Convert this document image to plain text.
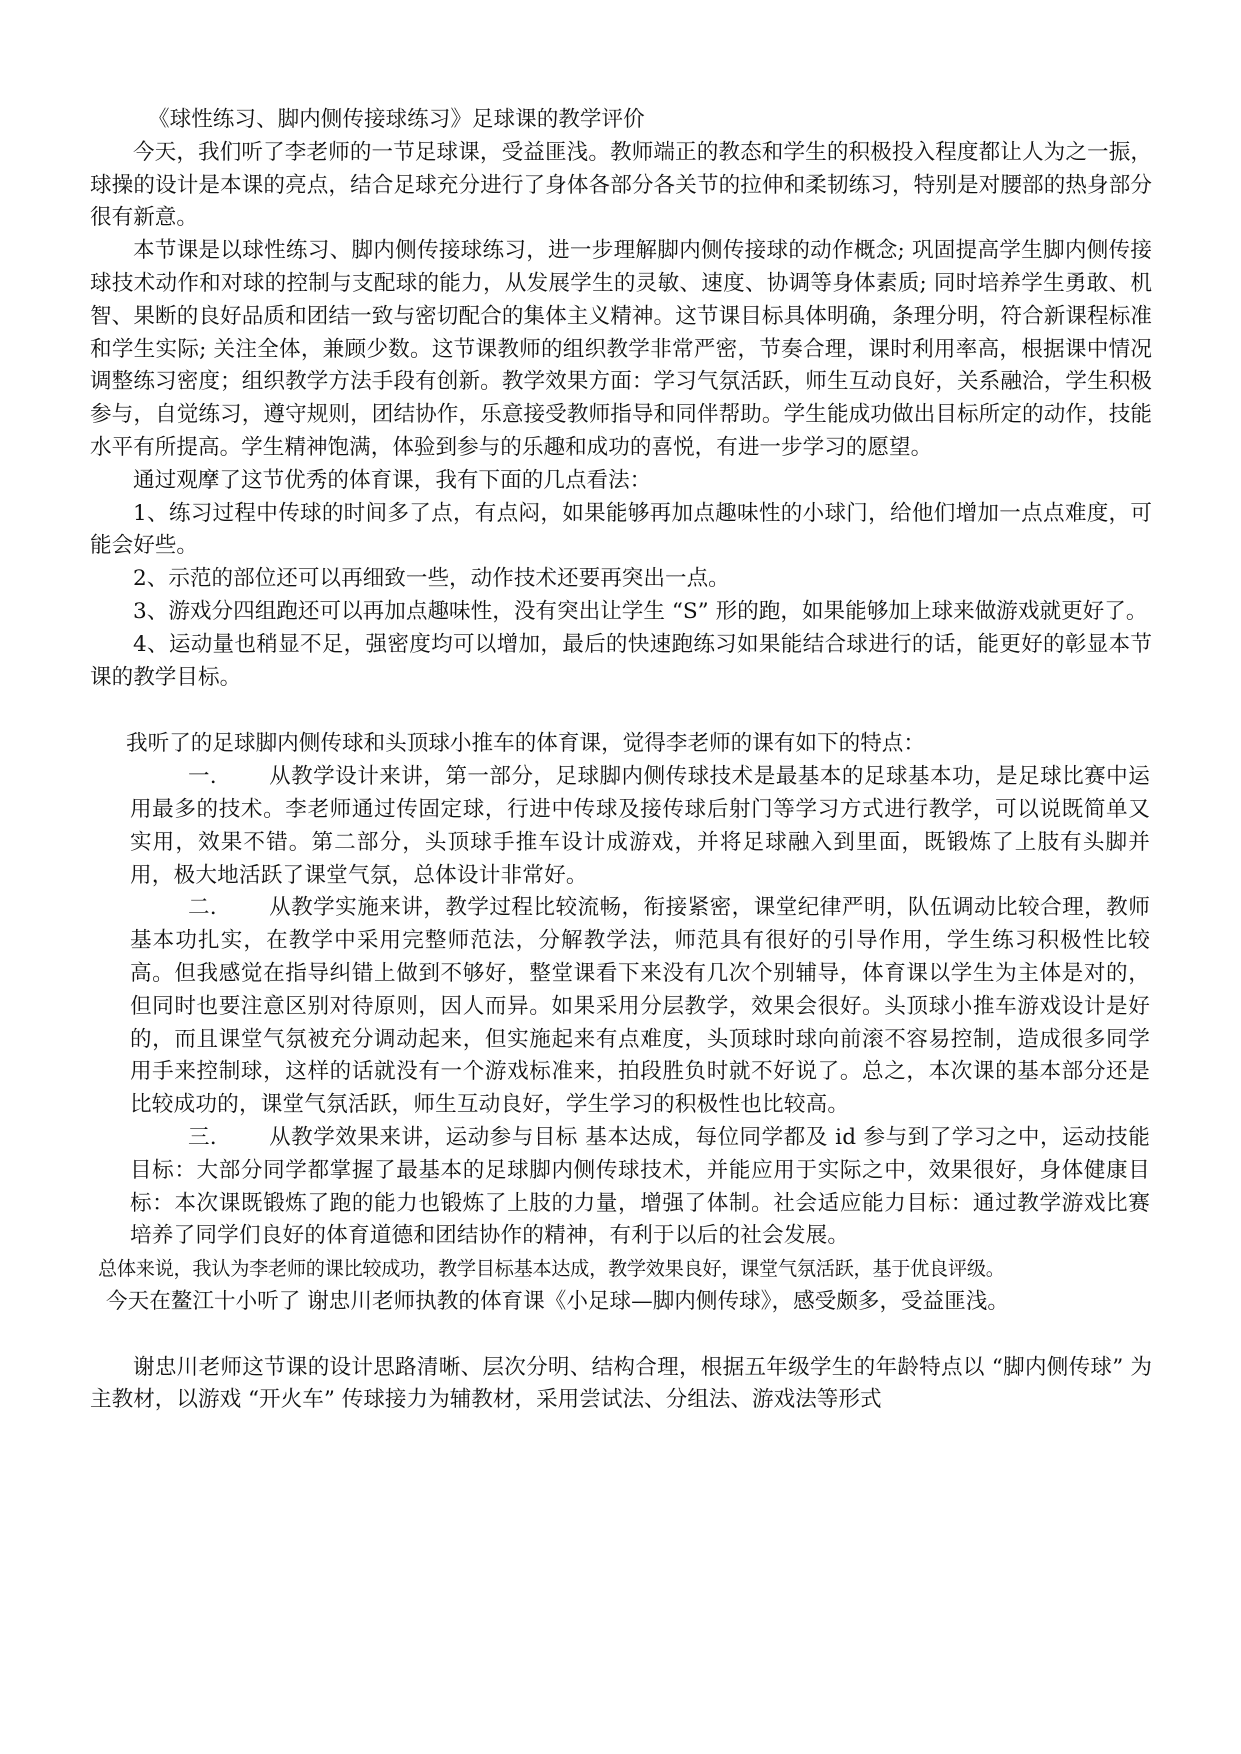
《球性练习、脚内侧传接球练习》足球课的教学评价

今天，我们听了李老师的一节足球课，受益匪浅。教师端正的教态和学生的积极投入程度都让人为之一振，球操的设计是本课的亮点，结合足球充分进行了身体各部分各关节的拉伸和柔韧练习，特别是对腰部的热身部分很有新意。

本节课是以球性练习、脚内侧传接球练习，进一步理解脚内侧传接球的动作概念; 巩固提高学生脚内侧传接球技术动作和对球的控制与支配球的能力，从发展学生的灵敏、速度、协调等身体素质; 同时培养学生勇敢、机智、果断的良好品质和团结一致与密切配合的集体主义精神。这节课目标具体明确，条理分明，符合新课程标准和学生实际; 关注全体，兼顾少数。这节课教师的组织教学非常严密，节奏合理，课时利用率高，根据课中情况调整练习密度；组织教学方法手段有创新。教学效果方面：学习气氛活跃，师生互动良好，关系融洽，学生积极参与，自觉练习，遵守规则，团结协作，乐意接受教师指导和同伴帮助。学生能成功做出目标所定的动作，技能水平有所提高。学生精神饱满，体验到参与的乐趣和成功的喜悦，有进一步学习的愿望。

通过观摩了这节优秀的体育课，我有下面的几点看法：

1、练习过程中传球的时间多了点，有点闷，如果能够再加点趣味性的小球门，给他们增加一点点难度，可能会好些。

2、示范的部位还可以再细致一些，动作技术还要再突出一点。

3、游戏分四组跑还可以再加点趣味性，没有突出让学生 “S” 形的跑，如果能够加上球来做游戏就更好了。

4、运动量也稍显不足，强密度均可以增加，最后的快速跑练习如果能结合球进行的话，能更好的彰显本节课的教学目标。

我听了的足球脚内侧传球和头顶球小推车的体育课，觉得李老师的课有如下的特点：

一. 从教学设计来讲，第一部分，足球脚内侧传球技术是最基本的足球基本功，是足球比赛中运用最多的技术。李老师通过传固定球，行进中传球及接传球后射门等学习方式进行教学，可以说既简单又实用，效果不错。第二部分，头顶球手推车设计成游戏，并将足球融入到里面，既锻炼了上肢有头脚并用，极大地活跃了课堂气氛，总体设计非常好。

二. 从教学实施来讲，教学过程比较流畅，衔接紧密，课堂纪律严明，队伍调动比较合理，教师基本功扎实，在教学中采用完整师范法，分解教学法，师范具有很好的引导作用，学生练习积极性比较高。但我感觉在指导纠错上做到不够好，整堂课看下来没有几次个别辅导，体育课以学生为主体是对的，但同时也要注意区别对待原则，因人而异。如果采用分层教学，效果会很好。头顶球小推车游戏设计是好的，而且课堂气氛被充分调动起来，但实施起来有点难度，头顶球时球向前滚不容易控制，造成很多同学用手来控制球，这样的话就没有一个游戏标准来，拍段胜负时就不好说了。总之，本次课的基本部分还是比较成功的，课堂气氛活跃，师生互动良好，学生学习的积极性也比较高。

三. 从教学效果来讲，运动参与目标 基本达成，每位同学都及 id 参与到了学习之中，运动技能目标：大部分同学都掌握了最基本的足球脚内侧传球技术，并能应用于实际之中，效果很好，身体健康目标：本次课既锻炼了跑的能力也锻炼了上肢的力量，增强了体制。社会适应能力目标：通过教学游戏比赛培养了同学们良好的体育道德和团结协作的精神，有利于以后的社会发展。

总体来说，我认为李老师的课比较成功，教学目标基本达成，教学效果良好，课堂气氛活跃，基于优良评级。

今天在鳌江十小听了 谢忠川老师执教的体育课《小足球—脚内侧传球》，感受颇多，受益匪浅。

谢忠川老师这节课的设计思路清晰、层次分明、结构合理，根据五年级学生的年龄特点以 “脚内侧传球” 为主教材，以游戏 “开火车” 传球接力为辅教材，采用尝试法、分组法、游戏法等形式
